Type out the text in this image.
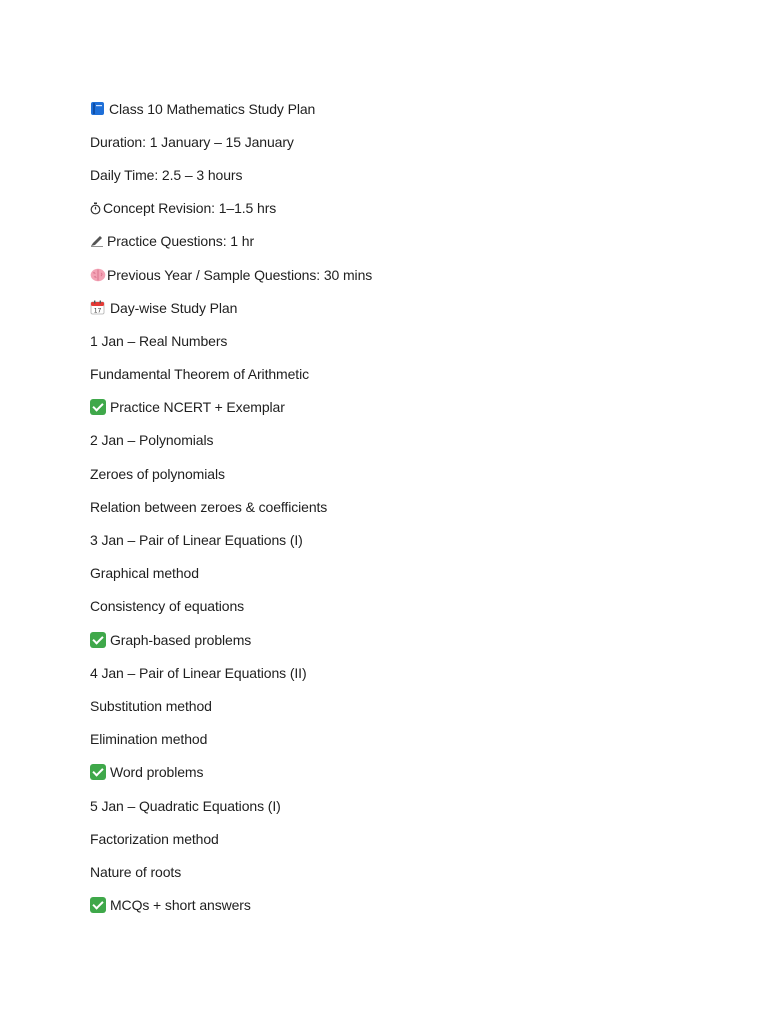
Class 10 Mathematics Study Plan
Duration: 1 January – 15 January
Daily Time: 2.5 – 3 hours
Concept Revision: 1–1.5 hrs
Practice Questions: 1 hr
Previous Year / Sample Questions: 30 mins
17 Day-wise Study Plan
1 Jan – Real Numbers
Fundamental Theorem of Arithmetic
Practice NCERT + Exemplar
2 Jan – Polynomials
Zeroes of polynomials
Relation between zeroes & coefficients
3 Jan – Pair of Linear Equations (I)
Graphical method
Consistency of equations
Graph-based problems
4 Jan – Pair of Linear Equations (II)
Substitution method
Elimination method
Word problems
5 Jan – Quadratic Equations (I)
Factorization method
Nature of roots
MCQs + short answers
